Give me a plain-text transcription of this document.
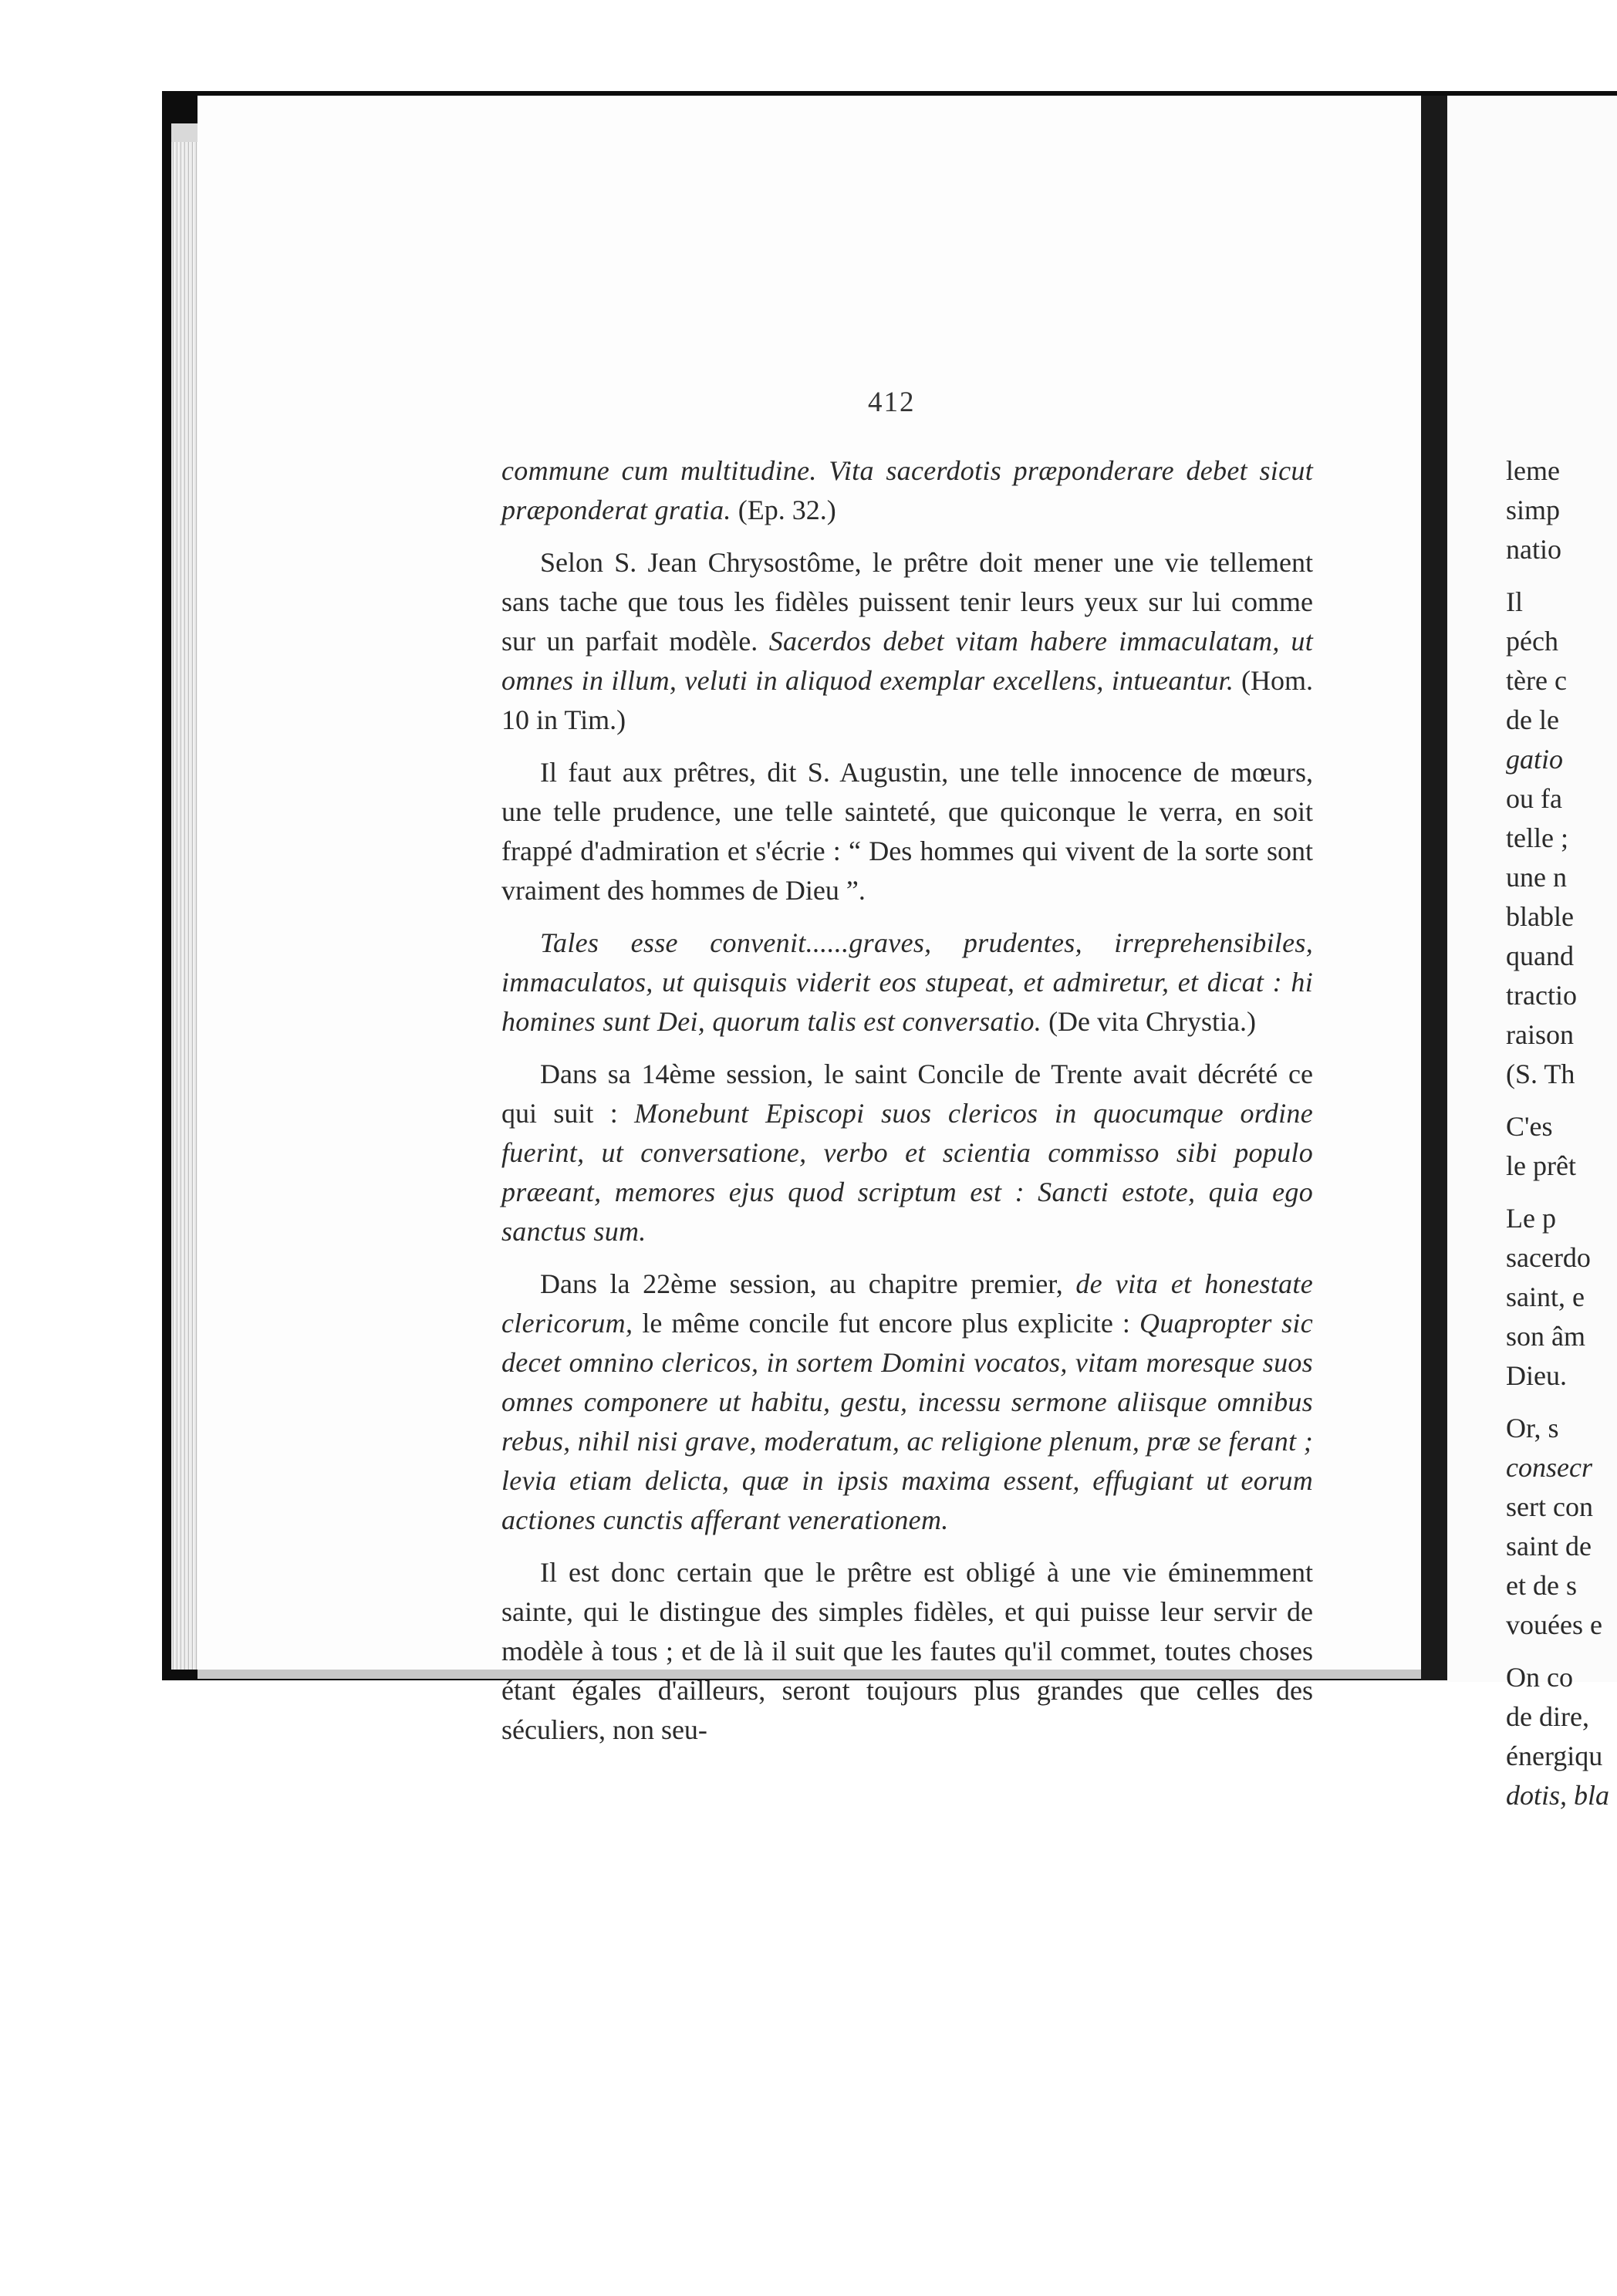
412

commune cum multitudine. Vita sacerdotis præponderare debet sicut præponderat gratia. (Ep. 32.)

Selon S. Jean Chrysostôme, le prêtre doit mener une vie tellement sans tache que tous les fidèles puissent tenir leurs yeux sur lui comme sur un parfait modèle. Sacerdos debet vitam habere immaculatam, ut omnes in illum, veluti in aliquod exemplar excellens, intueantur. (Hom. 10 in Tim.)

Il faut aux prêtres, dit S. Augustin, une telle innocence de mœurs, une telle prudence, une telle sainteté, que quiconque le verra, en soit frappé d'admiration et s'écrie : “ Des hommes qui vivent de la sorte sont vraiment des hommes de Dieu ”.

Tales esse convenit......graves, prudentes, irreprehensibiles, immaculatos, ut quisquis viderit eos stupeat, et admiretur, et dicat : hi homines sunt Dei, quorum talis est conversatio. (De vita Chrystia.)

Dans sa 14ème session, le saint Concile de Trente avait décrété ce qui suit : Monebunt Episcopi suos clericos in quocumque ordine fuerint, ut conversatione, verbo et scientia commisso sibi populo præeant, memores ejus quod scriptum est : Sancti estote, quia ego sanctus sum.

Dans la 22ème session, au chapitre premier, de vita et honestate clericorum, le même concile fut encore plus explicite : Quapropter sic decet omnino clericos, in sortem Domini vocatos, vitam moresque suos omnes componere ut habitu, gestu, incessu sermone aliisque omnibus rebus, nihil nisi grave, moderatum, ac religione plenum, præ se ferant ; levia etiam delicta, quæ in ipsis maxima essent, effugiant ut eorum actiones cunctis afferant venerationem.

Il est donc certain que le prêtre est obligé à une vie éminemment sainte, qui le distingue des simples fidèles, et qui puisse leur servir de modèle à tous ; et de là il suit que les fautes qu'il commet, toutes choses étant égales d'ailleurs, seront toujours plus grandes que celles des séculiers, non seu-

leme
simp
natio
Il
péch
tère c
de le
gatio
ou fa
telle ;
une n
blable
quand
tractio
raison
(S. Th
C'es
le prêt
Le p
sacerdo
saint, e
son âm
Dieu.
Or, s
consecr
sert con
saint de
et de s
vouées e
On co
de dire,
énergiqu
dotis, bla
